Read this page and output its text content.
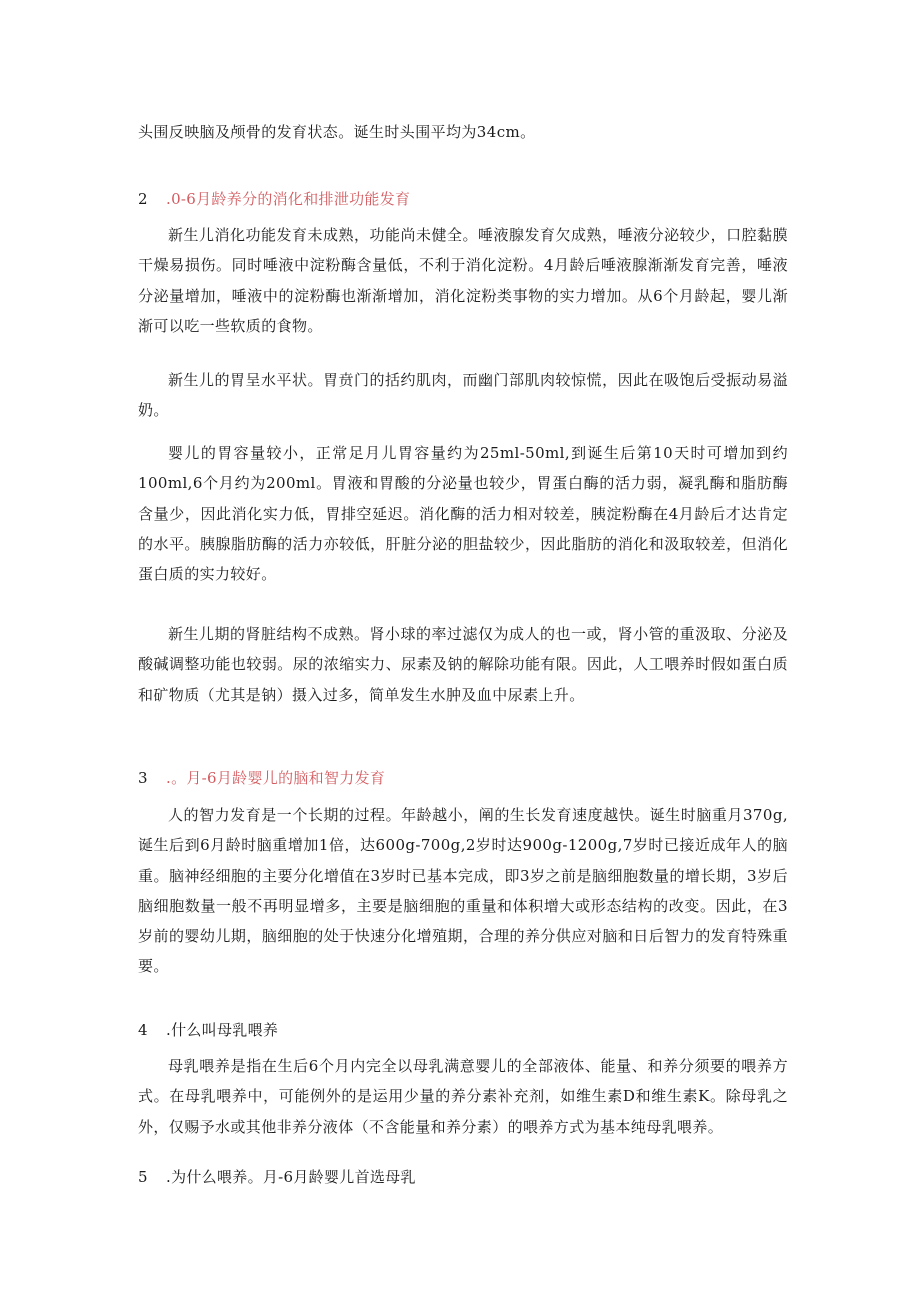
头围反映脑及颅骨的发育状态。诞生时头围平均为34cm。

2 .0-6月龄养分的消化和排泄功能发育

新生儿消化功能发育未成熟，功能尚未健全。唾液腺发育欠成熟，唾液分泌较少，口腔黏膜干燥易损伤。同时唾液中淀粉酶含量低，不利于消化淀粉。4月龄后唾液腺渐渐发育完善，唾液分泌量增加，唾液中的淀粉酶也渐渐增加，消化淀粉类事物的实力增加。从6个月龄起，婴儿渐渐可以吃一些软质的食物。

新生儿的胃呈水平状。胃贲门的括约肌肉，而幽门部肌肉较惊慌，因此在吸饱后受振动易溢奶。

婴儿的胃容量较小，正常足月儿胃容量约为25ml-50ml,到诞生后第10天时可增加到约100ml,6个月约为200ml。胃液和胃酸的分泌量也较少，胃蛋白酶的活力弱，凝乳酶和脂肪酶含量少，因此消化实力低，胃排空延迟。消化酶的活力相对较差，胰淀粉酶在4月龄后才达肯定的水平。胰腺脂肪酶的活力亦较低，肝脏分泌的胆盐较少，因此脂肪的消化和汲取较差，但消化蛋白质的实力较好。

新生儿期的肾脏结构不成熟。肾小球的率过滤仅为成人的也一或，肾小管的重汲取、分泌及酸碱调整功能也较弱。尿的浓缩实力、尿素及钠的解除功能有限。因此，人工喂养时假如蛋白质和矿物质（尤其是钠）摄入过多，简单发生水肿及血中尿素上升。

3 .。月-6月龄婴儿的脑和智力发育

人的智力发育是一个长期的过程。年龄越小，阐的生长发育速度越快。诞生时脑重月370g,诞生后到6月龄时脑重增加1倍，达600g-700g,2岁时达900g-1200g,7岁时已接近成年人的脑重。脑神经细胞的主要分化增值在3岁时已基本完成，即3岁之前是脑细胞数量的增长期，3岁后脑细胞数量一般不再明显增多，主要是脑细胞的重量和体积增大或形态结构的改变。因此，在3岁前的婴幼儿期，脑细胞的处于快速分化增殖期，合理的养分供应对脑和日后智力的发育特殊重要。

4 .什么叫母乳喂养

母乳喂养是指在生后6个月内完全以母乳满意婴儿的全部液体、能量、和养分须要的喂养方式。在母乳喂养中，可能例外的是运用少量的养分素补充剂，如维生素D和维生素K。除母乳之外，仅赐予水或其他非养分液体（不含能量和养分素）的喂养方式为基本纯母乳喂养。

5 .为什么喂养。月-6月龄婴儿首选母乳
